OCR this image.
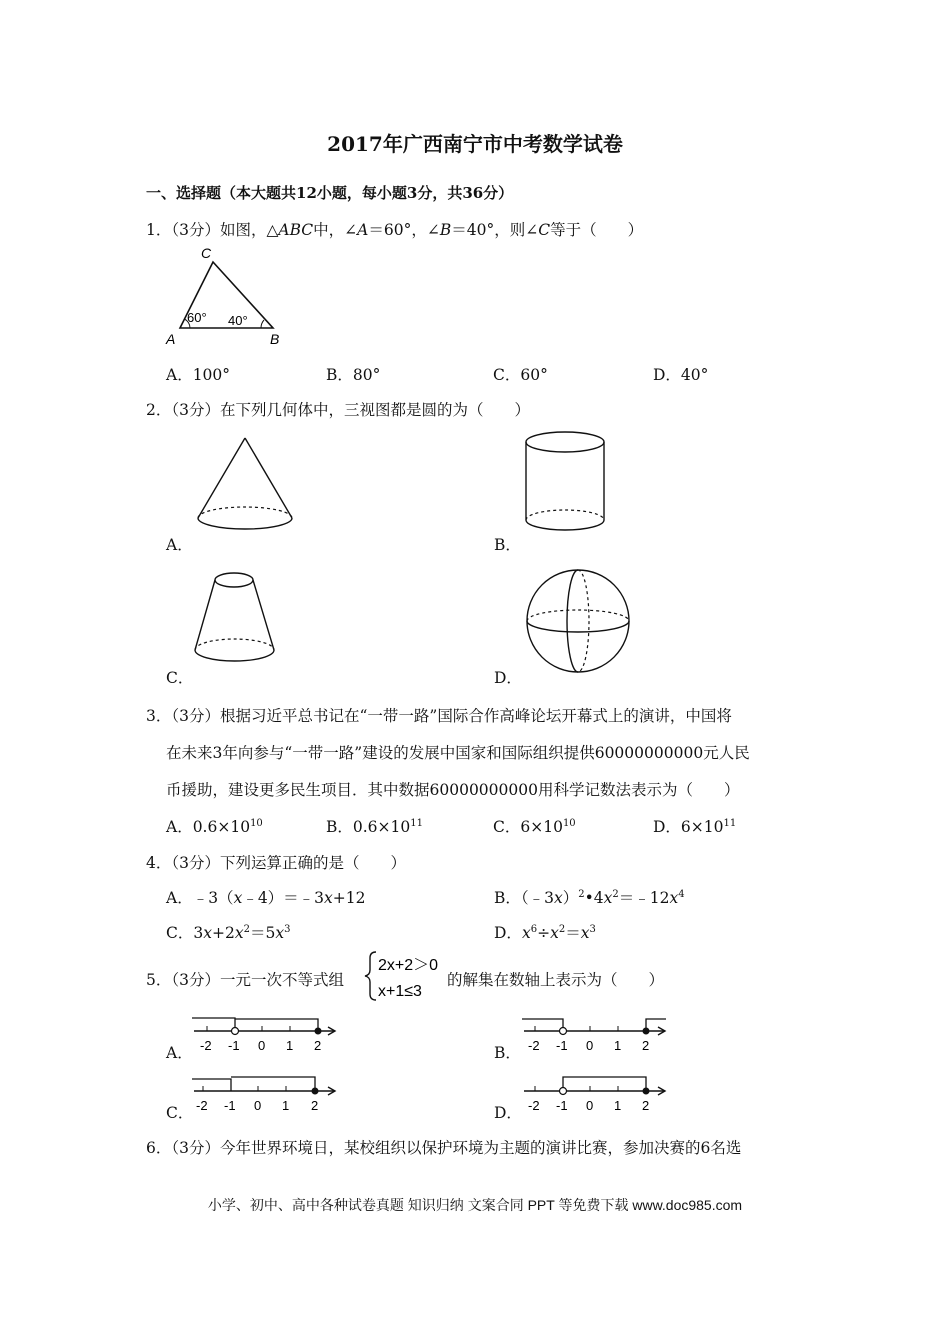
2017年广西南宁市中考数学试卷
一、选择题（本大题共12小题，每小题3分，共36分）
1．（3分）如图，△ABC中，∠A＝60°，∠B＝40°，则∠C等于（　　）
C
A	B
60° 40°
A．100°	B．80°	C．60°	D．40°
2．（3分）在下列几何体中，三视图都是圆的为（　　）
A．	B．
C．	D．
3．（3分）根据习近平总书记在“一带一路”国际合作高峰论坛开幕式上的演讲，中国将
在未来3年向参与“一带一路”建设的发展中国家和国际组织提供60000000000元人民
币援助，建设更多民生项目．其中数据60000000000用科学记数法表示为（　　）
A．$0.6\times 10^{10}$	B．$0.6\times 10^{11}$	C．$6\times 10^{10}$	D．$6\times 10^{11}$
4．（3分）下列运算正确的是（　　）
A．﹣3（x﹣4）＝﹣3x+12	B．$(﹣3x)^2•4x^2=﹣12x^4$
C．$3x+2x^2=5x^3$	D．$x^6\div x^2=x^3$
5．（3分）一元一次不等式组
2x+2＞0
x+1≤3
的解集在数轴上表示为（　　）
-2 -1 0 1 2
A．	-2 -1 0 1 2
B．
-2 -1 0 1 2
C．	-2 -1 0 1 2
D．
6．（3分）今年世界环境日，某校组织以保护环境为主题的演讲比赛，参加决赛的6名选
小学、初中、高中各种试卷真题 知识归纳 文案合同 PPT 等免费下载 www.doc985.com
